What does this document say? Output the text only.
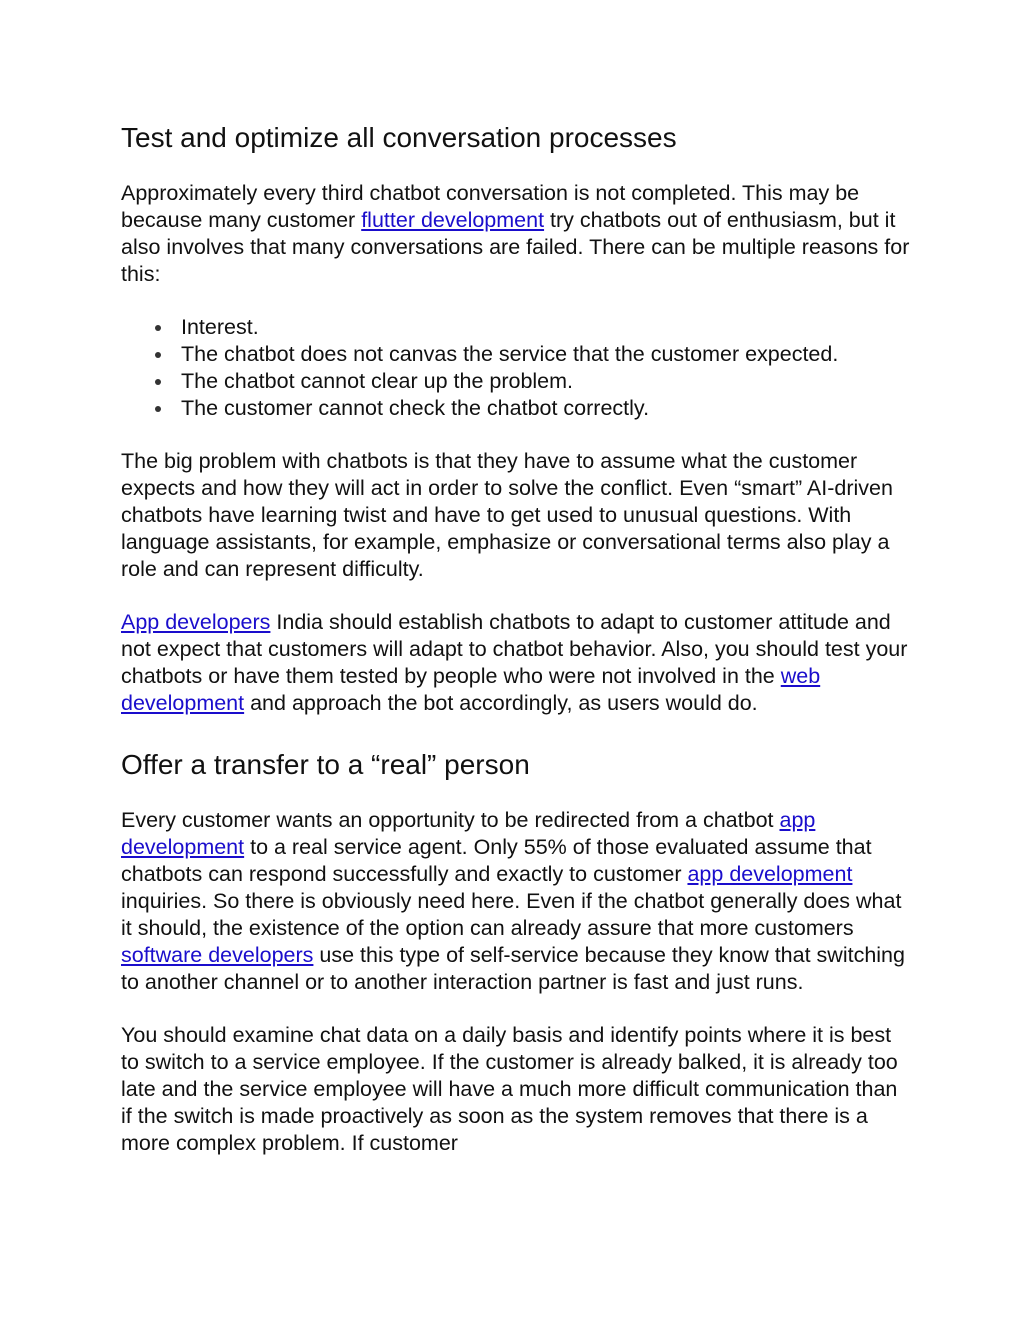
Test and optimize all conversation processes

Approximately every third chatbot conversation is not completed. This may be because many customer flutter development try chatbots out of enthusiasm, but it also involves that many conversations are failed. There can be multiple reasons for this:

Interest.
The chatbot does not canvas the service that the customer expected.
The chatbot cannot clear up the problem.
The customer cannot check the chatbot correctly.

The big problem with chatbots is that they have to assume what the customer expects and how they will act in order to solve the conflict. Even “smart” AI-driven chatbots have learning twist and have to get used to unusual questions. With language assistants, for example, emphasize or conversational terms also play a role and can represent difficulty.

App developers India should establish chatbots to adapt to customer attitude and not expect that customers will adapt to chatbot behavior. Also, you should test your chatbots or have them tested by people who were not involved in the web development and approach the bot accordingly, as users would do.

Offer a transfer to a “real” person

Every customer wants an opportunity to be redirected from a chatbot app development to a real service agent. Only 55% of those evaluated assume that chatbots can respond successfully and exactly to customer app development inquiries. So there is obviously need here. Even if the chatbot generally does what it should, the existence of the option can already assure that more customers software developers use this type of self-service because they know that switching to another channel or to another interaction partner is fast and just runs.

You should examine chat data on a daily basis and identify points where it is best to switch to a service employee. If the customer is already balked, it is already too late and the service employee will have a much more difficult communication than if the switch is made proactively as soon as the system removes that there is a more complex problem. If customer
